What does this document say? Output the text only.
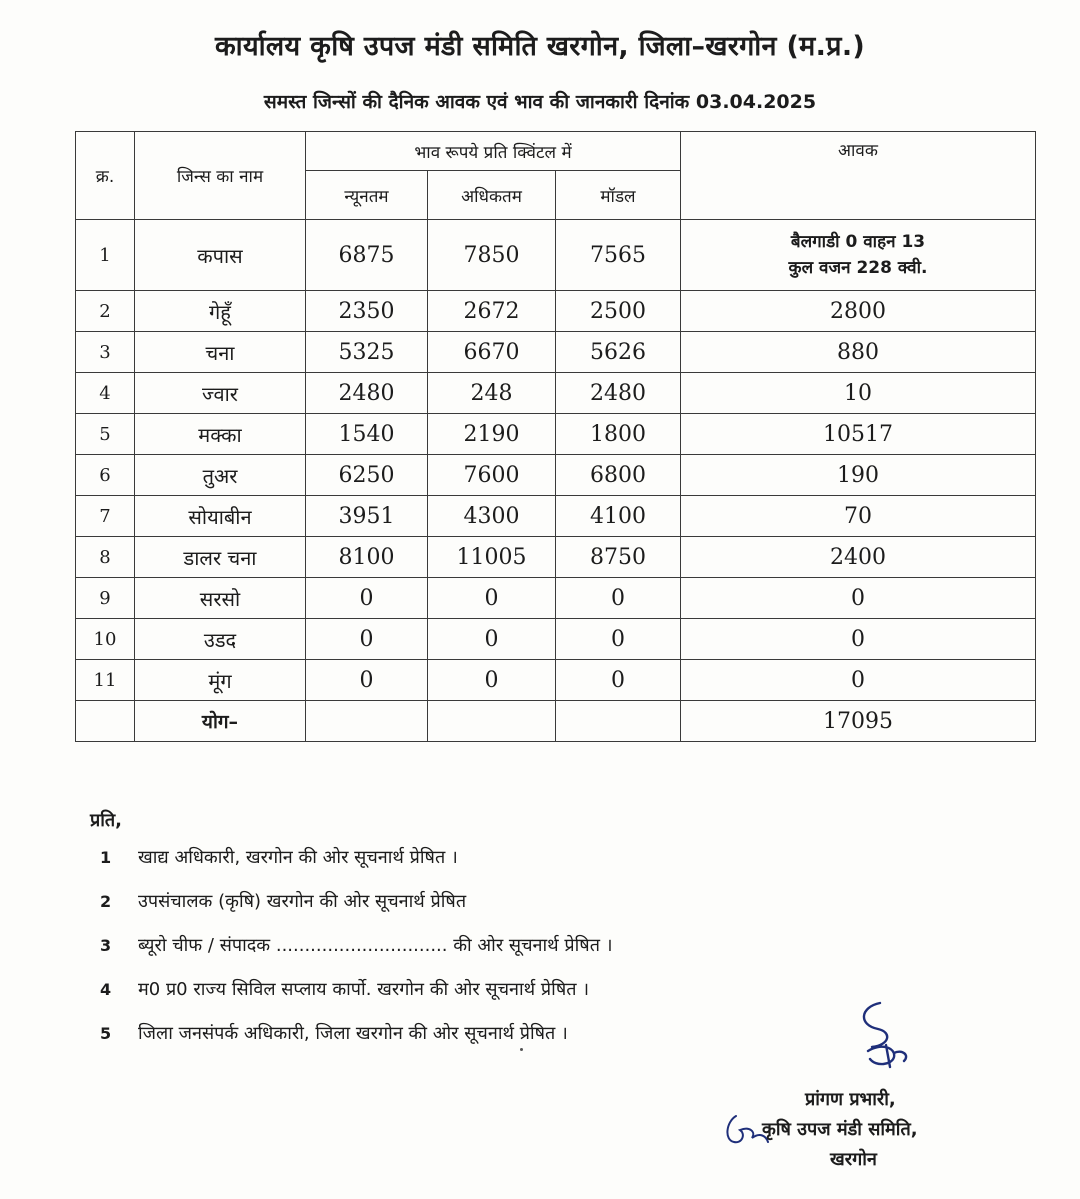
कार्यालय कृषि उपज मंडी समिति खरगोन, जिला–खरगोन (म.प्र.)
समस्त जिन्सों की दैनिक आवक एवं भाव की जानकारी दिनांक 03.04.2025
क्र.	जिन्स का नाम	भाव रूपये प्रति क्विंटल में			आवक
		न्यूनतम	अधिकतम	मॉडल	
1	कपास	6875	7850	7565	बैलगाडी 0 वाहन 13
कुल वजन 228 क्वी.

2	गेहूँ	2350	2672	2500	2800
3	चना	5325	6670	5626	880
4	ज्वार	2480	248	2480	10
5	मक्का	1540	2190	1800	10517
6	तुअर	6250	7600	6800	190
7	सोयाबीन	3951	4300	4100	70
8	डालर चना	8100	11005	8750	2400
9	सरसो	0	0	0	0
10	उडद	0	0	0	0
11	मूंग	0	0	0	0
	योग–				17095
प्रति,
1	खाद्य अधिकारी, खरगोन की ओर सूचनार्थ प्रेषित ।
2	उपसंचालक (कृषि) खरगोन की ओर सूचनार्थ प्रेषित
3	ब्यूरो चीफ / संपादक .............................. की ओर सूचनार्थ प्रेषित ।
4	म0 प्र0 राज्य सिविल सप्लाय कार्पो. खरगोन की ओर सूचनार्थ प्रेषित ।
5	जिला जनसंपर्क अधिकारी, जिला खरगोन की ओर सूचनार्थ प्रेषित ।
प्रांगण प्रभारी,
कृषि उपज मंडी समिति,
खरगोन
